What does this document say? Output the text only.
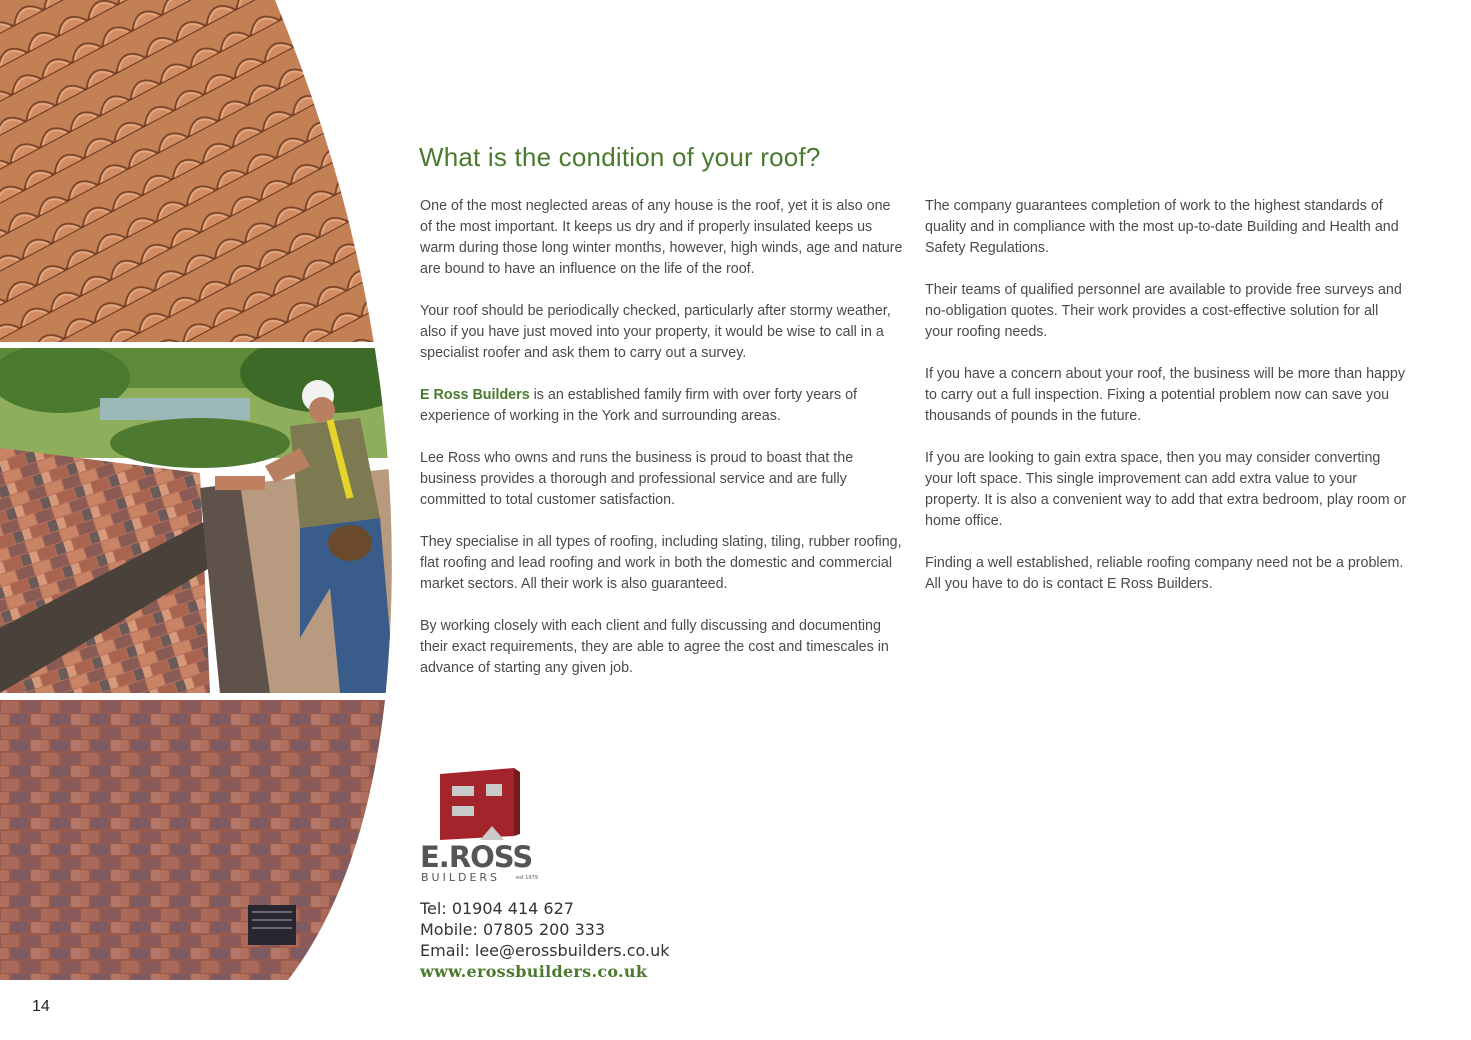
What is the condition of your roof?

One of the most neglected areas of any house is the roof, yet it is also one of the most important. It keeps us dry and if properly insulated keeps us warm during those long winter months, however, high winds, age and nature are bound to have an influence on the life of the roof.

Your roof should be periodically checked, particularly after stormy weather, also if you have just moved into your property, it would be wise to call in a specialist roofer and ask them to carry out a survey.

E Ross Builders is an established family firm with over forty years of experience of working in the York and surrounding areas.

Lee Ross who owns and runs the business is proud to boast that the business provides a thorough and professional service and are fully committed to total customer satisfaction.

They specialise in all types of roofing, including slating, tiling, rubber roofing, flat roofing and lead roofing and work in both the domestic and commercial market sectors. All their work is also guaranteed.

By working closely with each client and fully discussing and documenting their exact requirements, they are able to agree the cost and timescales in advance of starting any given job.

The company guarantees completion of work to the highest standards of quality and in compliance with the most up-to-date Building and Health and Safety Regulations.

Their teams of qualified personnel are available to provide free surveys and no-obligation quotes. Their work provides a cost-effective solution for all your roofing needs.

If you have a concern about your roof, the business will be more than happy to carry out a full inspection. Fixing a potential problem now can save you thousands of pounds in the future.

If you are looking to gain extra space, then you may consider converting your loft space. This single improvement can add extra value to your property. It is also a convenient way to add that extra bedroom, play room or home office.

Finding a well established, reliable roofing company need not be a problem. All you have to do is contact E Ross Builders.

E.ROSS
BUILDERS	est 1979
Tel: 01904 414 627
Mobile: 07805 200 333
Email: lee@erossbuilders.co.uk
www.erossbuilders.co.uk
14
